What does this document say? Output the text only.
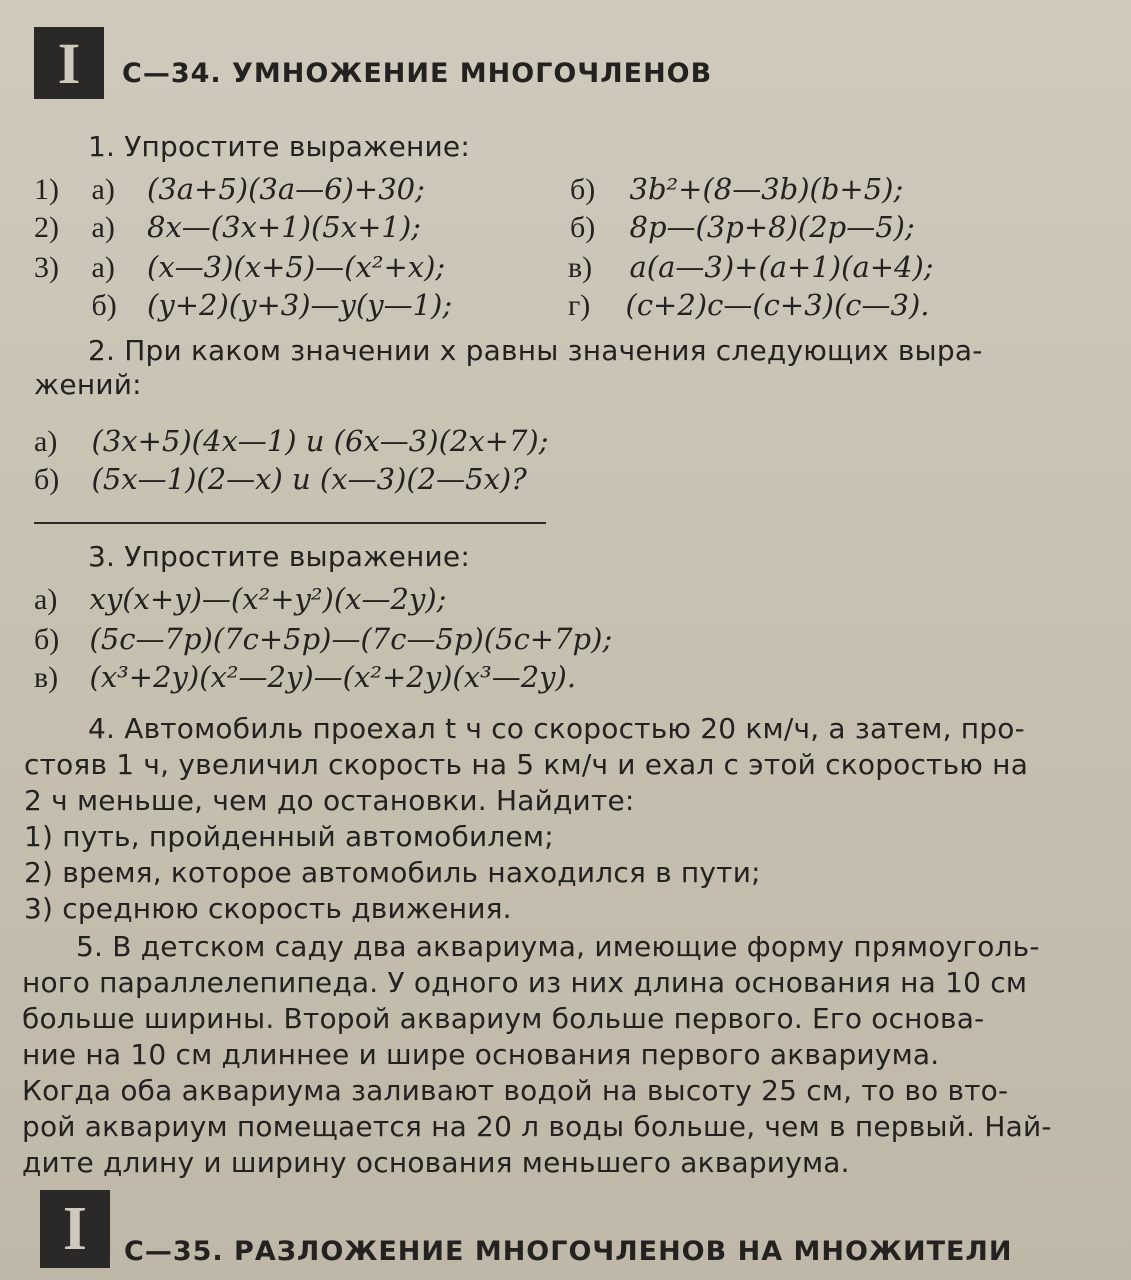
I С—34. УМНОЖЕНИЕ МНОГОЧЛЕНОВ
1. Упростите выражение:
1) а) (3a+5)(3a—6)+30;	б) 3b²+(8—3b)(b+5);
2) а) 8x—(3x+1)(5x+1);	б) 8p—(3p+8)(2p—5);
3) а) (x—3)(x+5)—(x²+x);	в) a(a—3)+(a+1)(a+4);
б) (y+2)(y+3)—y(y—1);	г) (c+2)c—(c+3)(c—3).
2. При каком значении x равны значения следующих выра-
жений:
а) (3x+5)(4x—1) и (6x—3)(2x+7);
б) (5x—1)(2—x) и (x—3)(2—5x)?
3. Упростите выражение:
а) xy(x+y)—(x²+y²)(x—2y);
б) (5c—7p)(7c+5p)—(7c—5p)(5c+7p);
в) (x³+2y)(x²—2y)—(x²+2y)(x³—2y).
4. Автомобиль проехал t ч со скоростью 20 км/ч, а затем, про-
стояв 1 ч, увеличил скорость на 5 км/ч и ехал с этой скоростью на
2 ч меньше, чем до остановки. Найдите:
1) путь, пройденный автомобилем;
2) время, которое автомобиль находился в пути;
3) среднюю скорость движения.
5. В детском саду два аквариума, имеющие форму прямоуголь-
ного параллелепипеда. У одного из них длина основания на 10 см
больше ширины. Второй аквариум больше первого. Его основа-
ние на 10 см длиннее и шире основания первого аквариума.
Когда оба аквариума заливают водой на высоту 25 см, то во вто-
рой аквариум помещается на 20 л воды больше, чем в первый. Най-
дите длину и ширину основания меньшего аквариума.
I С—35. РАЗЛОЖЕНИЕ МНОГОЧЛЕНОВ НА МНОЖИТЕЛИ
